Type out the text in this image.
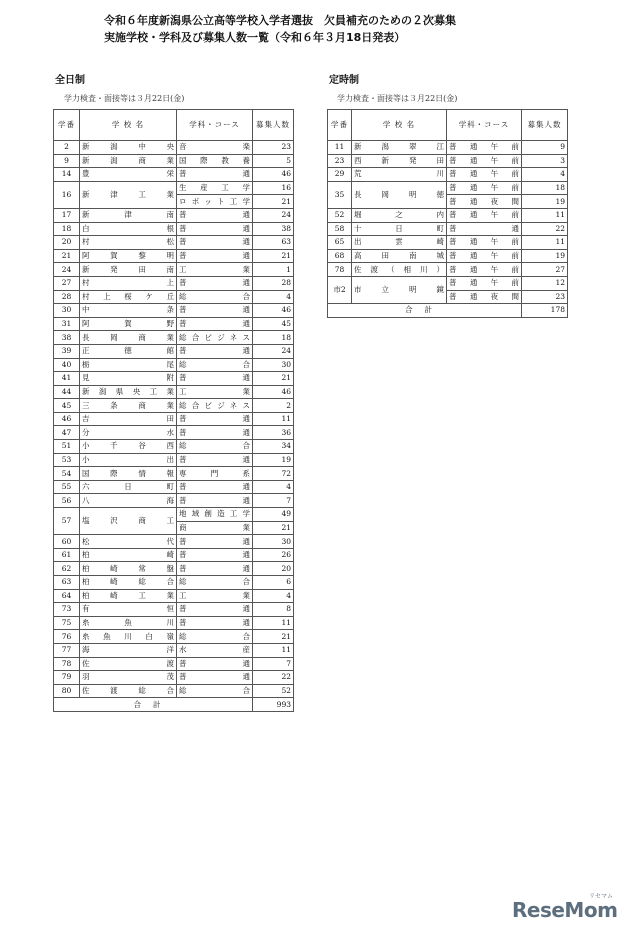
令和６年度新潟県公立高等学校入学者選抜　欠員補充のための２次募集
実施学校・学科及び募集人数一覧（令和６年３月18日発表）
全日制
学力検査・面接等は３月22日(金)
定時制
学力検査・面接等は３月22日(金)
学番	学 校 名	学科・コース	募集人数
2	新潟中央	音楽	23
9	新潟商業	国際教養	5
14	豊栄	普通	46
16	新津工業	生産工学	16
		ロボット工学	21
17	新津南	普通	24
18	白根	普通	38
20	村松	普通	63
21	阿賀黎明	普通	21
24	新発田南	工業	1
27	村上	普通	28
28	村上桜ケ丘	総合	4
30	中条	普通	46
31	阿賀野	普通	45
38	長岡商業	総合ビジネス	18
39	正徳館	普通	24
40	栃尾	総合	30
41	見附	普通	21
44	新潟県央工業	工業	46
45	三条商業	総合ビジネス	2
46	吉田	普通	11
47	分水	普通	36
51	小千谷西	総合	34
53	小出	普通	19
54	国際情報	専門系	72
55	六日町	普通	4
56	八海	普通	7
57	塩沢商工	地域創造工学	49
		商業	21
60	松代	普通	30
61	柏崎	普通	26
62	柏崎常盤	普通	20
63	柏崎総合	総合	6
64	柏崎工業	工業	4
73	有恒	普通	8
75	糸魚川	普通	11
76	糸魚川白嶺	総合	21
77	海洋	水産	11
78	佐渡	普通	7
79	羽茂	普通	22
80	佐渡総合	総合	52
合計			993
学番	学 校 名	学科・コース	募集人数
11	新潟翠江	普通午前	9
23	西新発田	普通午前	3
29	荒川	普通午前	4
35	長岡明徳	普通午前	18
		普通夜間	19
52	堀之内	普通午前	11
58	十日町	普通	22
65	出雲崎	普通午前	11
68	高田南城	普通午前	19
78	佐渡（相川）	普通午前	27
市2	市立明鏡	普通午前	12
		普通夜間	23
合計			178
リセマム
ReseMom
